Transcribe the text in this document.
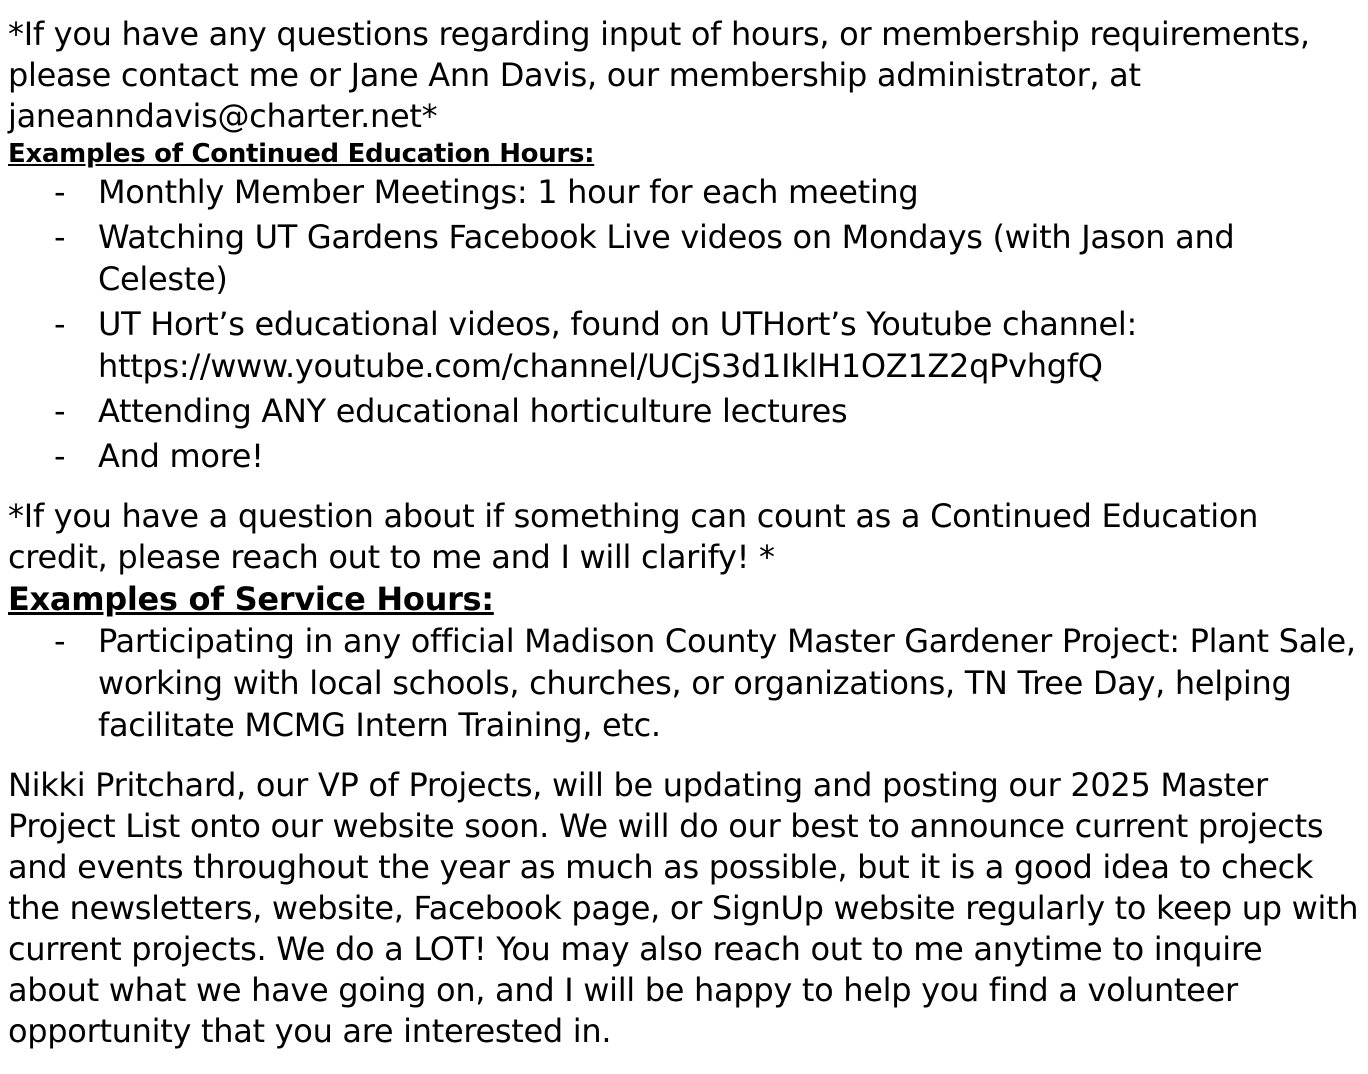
*If you have any questions regarding input of hours, or membership requirements, please contact me or Jane Ann Davis, our membership administrator, at janeanndavis@charter.net*

Examples of Continued Education Hours:

- Monthly Member Meetings: 1 hour for each meeting
- Watching UT Gardens Facebook Live videos on Mondays (with Jason and Celeste)
- UT Hort’s educational videos, found on UTHort’s Youtube channel: https://www.youtube.com/channel/UCjS3d1IklH1OZ1Z2qPvhgfQ
- Attending ANY educational horticulture lectures
- And more!

*If you have a question about if something can count as a Continued Education credit, please reach out to me and I will clarify! *

Examples of Service Hours:

- Participating in any official Madison County Master Gardener Project: Plant Sale, working with local schools, churches, or organizations, TN Tree Day, helping facilitate MCMG Intern Training, etc.

Nikki Pritchard, our VP of Projects, will be updating and posting our 2025 Master Project List onto our website soon. We will do our best to announce current projects and events throughout the year as much as possible, but it is a good idea to check the newsletters, website, Facebook page, or SignUp website regularly to keep up with current projects. We do a LOT! You may also reach out to me anytime to inquire about what we have going on, and I will be happy to help you find a volunteer opportunity that you are interested in.
